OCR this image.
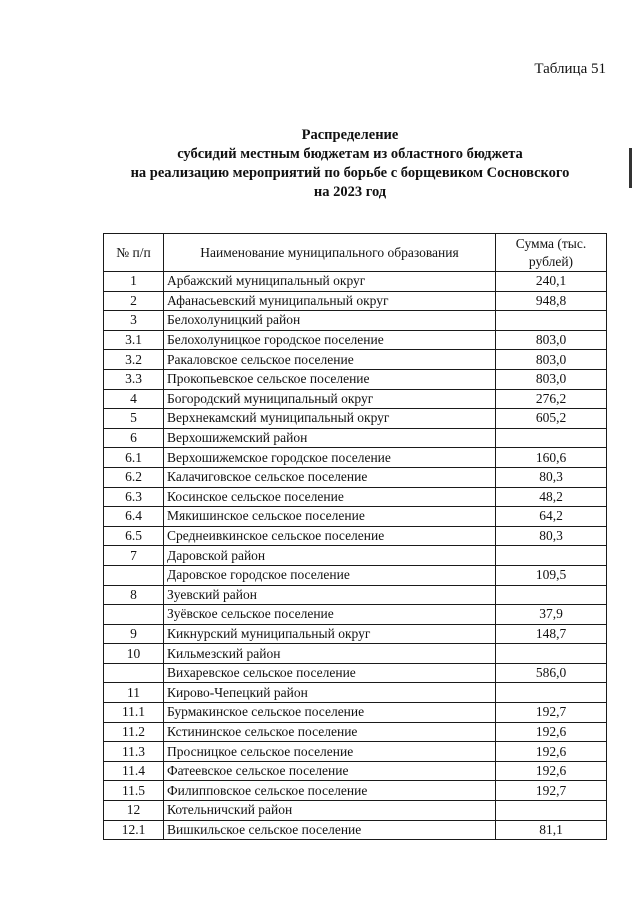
Таблица 51
Распределение
субсидий местным бюджетам из областного бюджета
на реализацию мероприятий по борьбе с борщевиком Сосновского
на 2023 год
№ п/п	Наименование муниципального образования	Сумма (тыс. рублей)
1	Арбажский муниципальный округ	240,1
2	Афанасьевский муниципальный округ	948,8
3	Белохолуницкий район	
3.1	Белохолуницкое городское поселение	803,0
3.2	Ракаловское сельское поселение	803,0
3.3	Прокопьевское сельское поселение	803,0
4	Богородский муниципальный округ	276,2
5	Верхнекамский муниципальный округ	605,2
6	Верхошижемский район	
6.1	Верхошижемское городское поселение	160,6
6.2	Калачиговское сельское поселение	80,3
6.3	Косинское сельское поселение	48,2
6.4	Мякишинское сельское поселение	64,2
6.5	Среднеивкинское сельское поселение	80,3
7	Даровской район	
	Даровское городское поселение	109,5
8	Зуевский район	
	Зуёвское сельское поселение	37,9
9	Кикнурский муниципальный округ	148,7
10	Кильмезский район	
	Вихаревское сельское поселение	586,0
11	Кирово-Чепецкий район	
11.1	Бурмакинское сельское поселение	192,7
11.2	Кстининское сельское поселение	192,6
11.3	Просницкое сельское поселение	192,6
11.4	Фатеевское сельское поселение	192,6
11.5	Филипповское сельское поселение	192,7
12	Котельничский район	
12.1	Вишкильское сельское поселение	81,1
